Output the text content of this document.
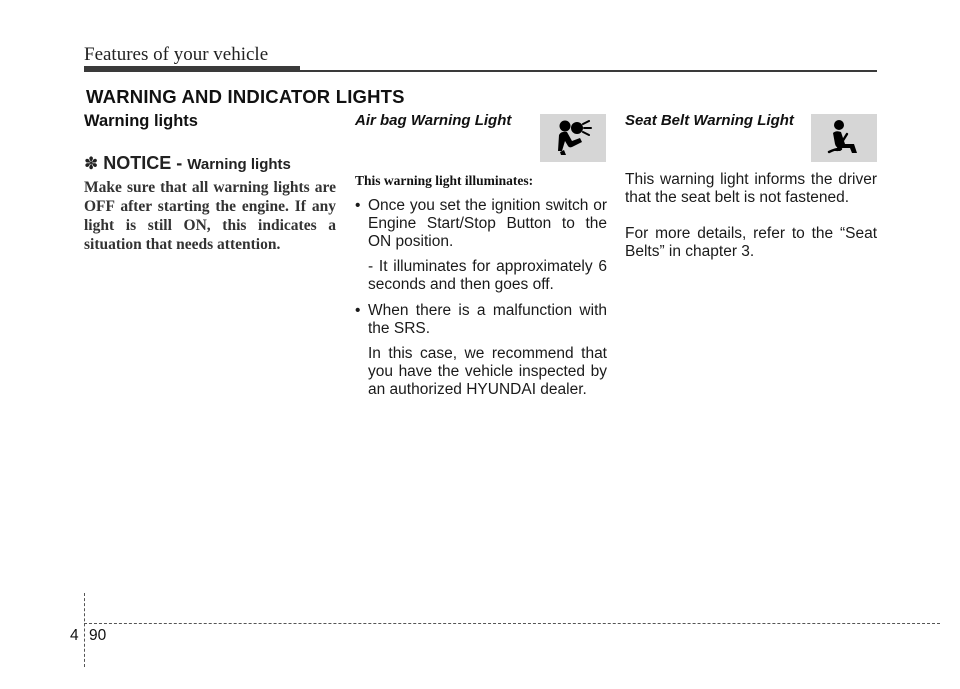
Features of your vehicle
WARNING AND INDICATOR LIGHTS
Warning lights
✽ NOTICE - Warning lights
Make sure that all warning lights are OFF after starting the engine. If any light is still ON, this indicates a situation that needs attention.
Air bag Warning Light
This warning light illuminates:
• Once you set the ignition switch or Engine Start/Stop Button to the ON position.
- It illuminates for approximately 6 seconds and then goes off.
• When there is a malfunction with the SRS.
In this case, we recommend that you have the vehicle inspected by an authorized HYUNDAI dealer.
Seat Belt Warning Light
This warning light informs the driver that the seat belt is not fastened.
For more details, refer to the “Seat Belts” in chapter 3.
4 90
